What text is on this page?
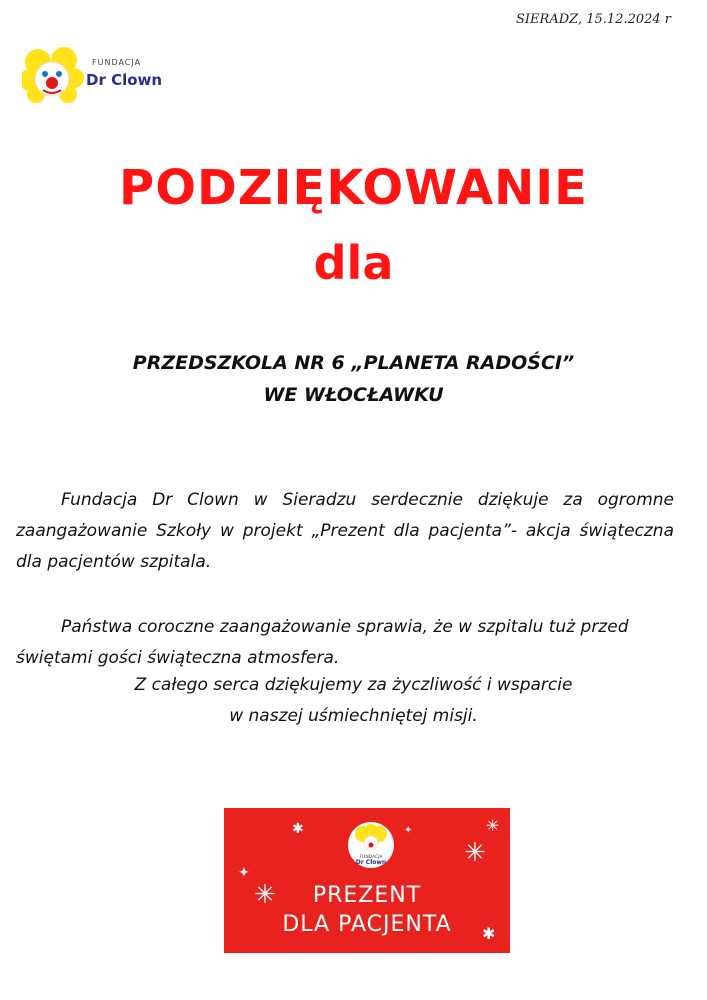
SIERADZ, 15.12.2024 r
FUNDACJA
Dr Clown
PODZIĘKOWANIE
dla
PRZEDSZKOLA NR 6 „PLANETA RADOŚCI”
WE WŁOCŁAWKU
Fundacja Dr Clown w Sieradzu serdecznie dziękuje za ogromne zaangażowanie Szkoły w projekt „Prezent dla pacjenta”- akcja świąteczna dla pacjentów szpitala.
Państwa coroczne zaangażowanie sprawia, że w szpitalu tuż przed świętami gości świąteczna atmosfera.
Z całego serca dziękujemy za życzliwość i wsparcie
w naszej uśmiechniętej misji.
✱	✦	✳
✳
✦
✳
✱
FUNDACJA
Dr Clown
PREZENT
DLA PACJENTA
